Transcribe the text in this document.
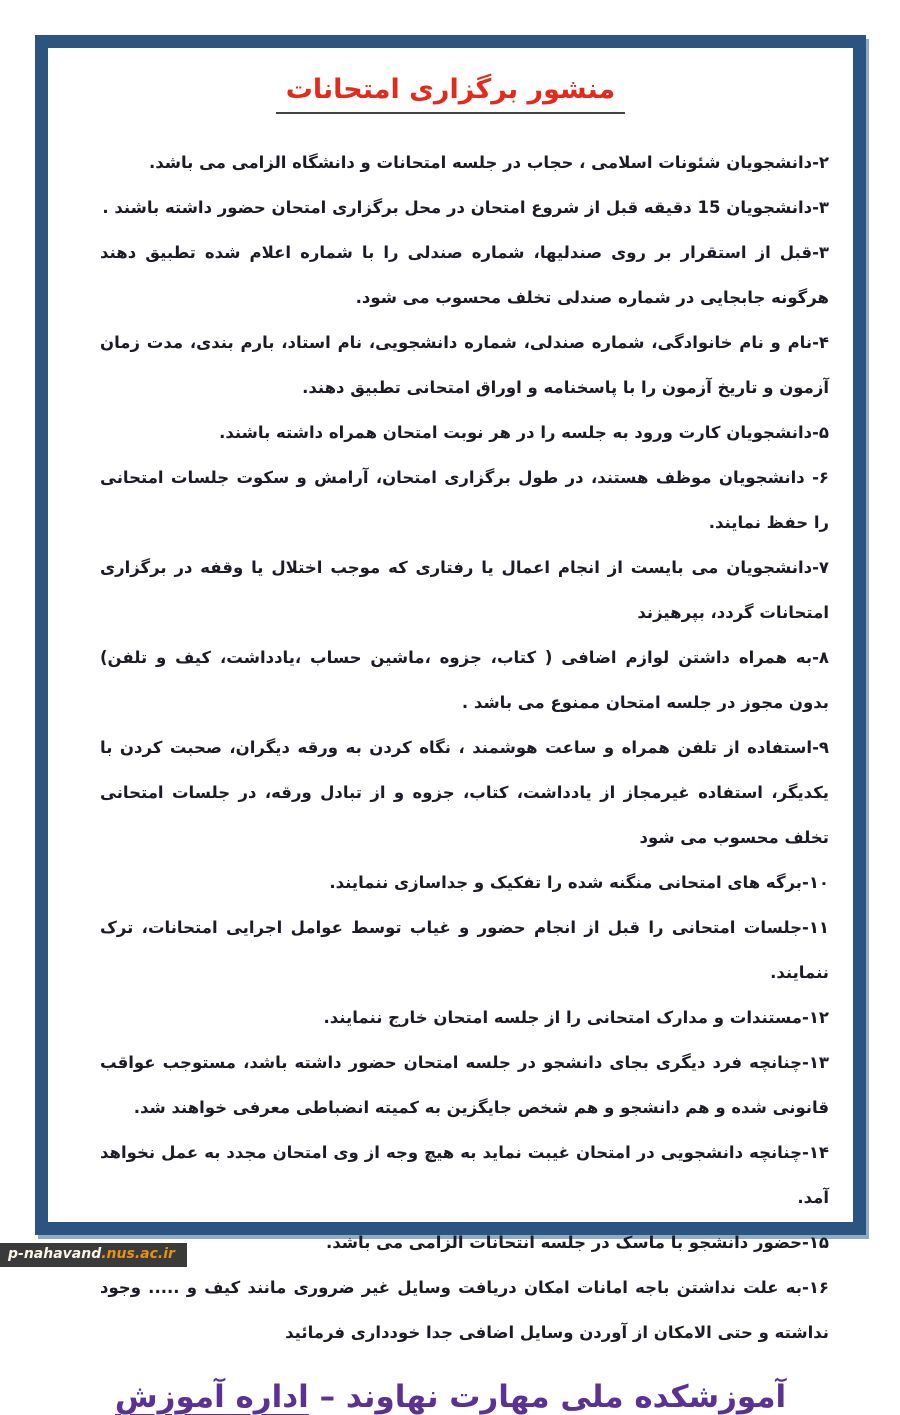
منشور برگزاری امتحانات

۲-دانشجویان شئونات اسلامی ، حجاب در جلسه امتحانات و دانشگاه الزامی می باشد.

۳-دانشجویان 15 دقیقه قبل از شروع امتحان در محل برگزاری امتحان حضور داشته باشند .

۳-قبل از استقرار بر روی صندلیها، شماره صندلی را با شماره اعلام شده تطبیق دهند هرگونه جابجایی در شماره صندلی تخلف محسوب می شود.

۴-نام و نام خانوادگی، شماره صندلی، شماره دانشجویی، نام استاد، بارم بندی، مدت زمان آزمون و تاریخ آزمون را با پاسخنامه و اوراق امتحانی تطبیق دهند.

۵-دانشجویان کارت ورود به جلسه را در هر نوبت امتحان همراه داشته باشند.

۶- دانشجویان موظف هستند، در طول برگزاری امتحان، آرامش و سکوت جلسات امتحانی را حفظ نمایند.

۷-دانشجویان می بایست از انجام اعمال یا رفتاری که موجب اختلال یا وقفه در برگزاری امتحانات گردد، بپرهیزند

۸-به همراه داشتن لوازم اضافی ( کتاب، جزوه ،ماشین حساب ،یادداشت، کیف و تلفن) بدون مجوز در جلسه امتحان ممنوع می باشد .

۹-استفاده از تلفن همراه و ساعت هوشمند ، نگاه کردن به ورقه دیگران، صحبت کردن با یکدیگر، استفاده غیرمجاز از یادداشت، کتاب، جزوه و از تبادل ورقه، در جلسات امتحانی تخلف محسوب می شود

۱۰-برگه های امتحانی منگنه شده را تفکیک و جداسازی ننمایند.

۱۱-جلسات امتحانی را قبل از انجام حضور و غیاب توسط عوامل اجرایی امتحانات، ترک ننمایند.

۱۲-مستندات و مدارک امتحانی را از جلسه امتحان خارج ننمایند.

۱۳-چنانچه فرد دیگری بجای دانشجو در جلسه امتحان حضور داشته باشد، مستوجب عواقب قانونی شده و هم دانشجو و هم شخص جایگزین به کمیته انضباطی معرفی خواهند شد.

۱۴-چنانچه دانشجویی در امتحان غیبت نماید به هیچ وجه از وی امتحان مجدد به عمل نخواهد آمد.

۱۵-حضور دانشجو با ماسک در جلسه انتحانات الزامی می باشد.

۱۶-به علت نداشتن باجه امانات امکان دریافت وسایل غیر ضروری مانند کیف و ..... وجود نداشته و حتی الامکان از آوردن وسایل اضافی جدا خودداری فرمائید

آموزشکده ملی مهارت نهاوند – اداره آموزش
p-nahavand.nus.ac.ir
